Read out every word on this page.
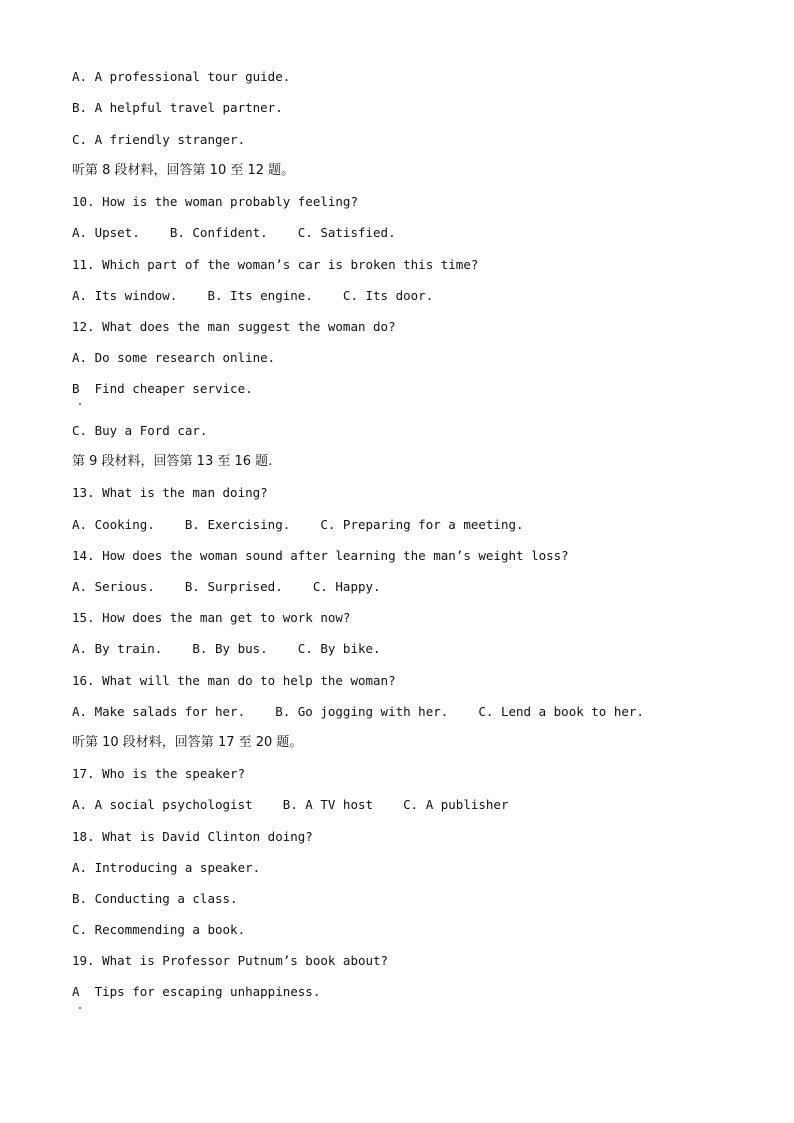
A. A professional tour guide.
B. A helpful travel partner.
C. A friendly stranger.
听第 8 段材料，回答第 10 至 12 题。
10. How is the woman probably feeling?
A. Upset.    B. Confident.    C. Satisfied.
11. Which part of the woman’s car is broken this time?
A. Its window.    B. Its engine.    C. Its door.
12. What does the man suggest the woman do?
A. Do some research online.
B  Find cheaper service.
C. Buy a Ford car.
第 9 段材料，回答第 13 至 16 题.
13. What is the man doing?
A. Cooking.    B. Exercising.    C. Preparing for a meeting.
14. How does the woman sound after learning the man’s weight loss?
A. Serious.    B. Surprised.    C. Happy.
15. How does the man get to work now?
A. By train.    B. By bus.    C. By bike.
16. What will the man do to help the woman?
A. Make salads for her.    B. Go jogging with her.    C. Lend a book to her.
听第 10 段材料，回答第 17 至 20 题。
17. Who is the speaker?
A. A social psychologist    B. A TV host    C. A publisher
18. What is David Clinton doing?
A. Introducing a speaker.
B. Conducting a class.
C. Recommending a book.
19. What is Professor Putnum’s book about?
A  Tips for escaping unhappiness.
